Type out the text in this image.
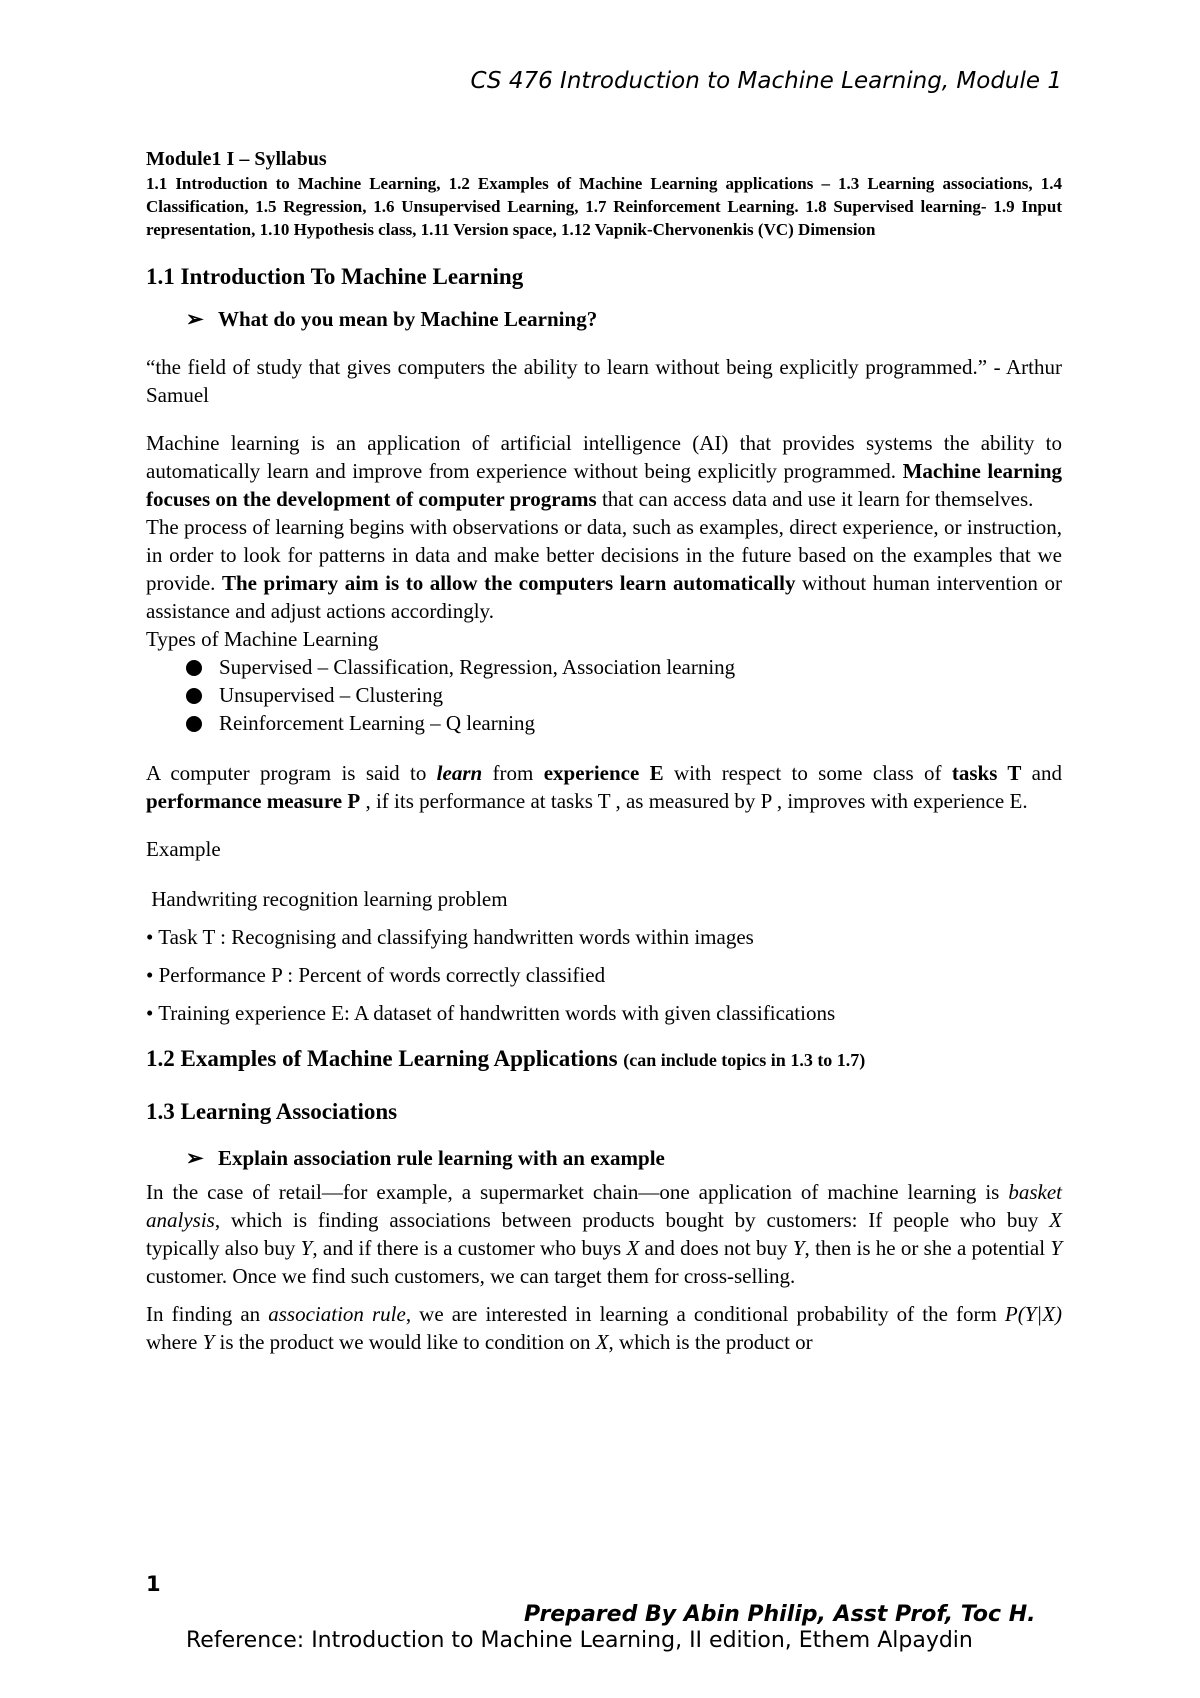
CS 476 Introduction to Machine Learning, Module 1
Module1 I – Syllabus
1.1 Introduction to Machine Learning, 1.2 Examples of Machine Learning applications – 1.3 Learning associations, 1.4 Classification, 1.5 Regression, 1.6 Unsupervised Learning, 1.7 Reinforcement Learning. 1.8 Supervised learning- 1.9 Input representation, 1.10 Hypothesis class, 1.11 Version space, 1.12 Vapnik-Chervonenkis (VC) Dimension
1.1 Introduction To Machine Learning
➢ What do you mean by Machine Learning?

“the field of study that gives computers the ability to learn without being explicitly programmed.” - Arthur Samuel

Machine learning is an application of artificial intelligence (AI) that provides systems the ability to automatically learn and improve from experience without being explicitly programmed. Machine learning focuses on the development of computer programs that can access data and use it learn for themselves.

The process of learning begins with observations or data, such as examples, direct experience, or instruction, in order to look for patterns in data and make better decisions in the future based on the examples that we provide. The primary aim is to allow the computers learn automatically without human intervention or assistance and adjust actions accordingly.

Types of Machine Learning
Supervised – Classification, Regression, Association learning
Unsupervised – Clustering
Reinforcement Learning – Q learning

A computer program is said to learn from experience E with respect to some class of tasks T and performance measure P , if its performance at tasks T , as measured by P , improves with experience E.

Example
Handwriting recognition learning problem
• Task T : Recognising and classifying handwritten words within images
• Performance P : Percent of words correctly classified
• Training experience E: A dataset of handwritten words with given classifications
1.2 Examples of Machine Learning Applications (can include topics in 1.3 to 1.7)
1.3 Learning Associations
➢ Explain association rule learning with an example

In the case of retail—for example, a supermarket chain—one application of machine learning is basket analysis, which is finding associations between products bought by customers: If people who buy X typically also buy Y, and if there is a customer who buys X and does not buy Y, then is he or she a potential Y customer. Once we find such customers, we can target them for cross-selling.

In finding an association rule, we are interested in learning a conditional probability of the form P(Y|X) where Y is the product we would like to condition on X, which is the product or

1
Prepared By Abin Philip, Asst Prof, Toc H.
Reference: Introduction to Machine Learning, II edition, Ethem Alpaydin
